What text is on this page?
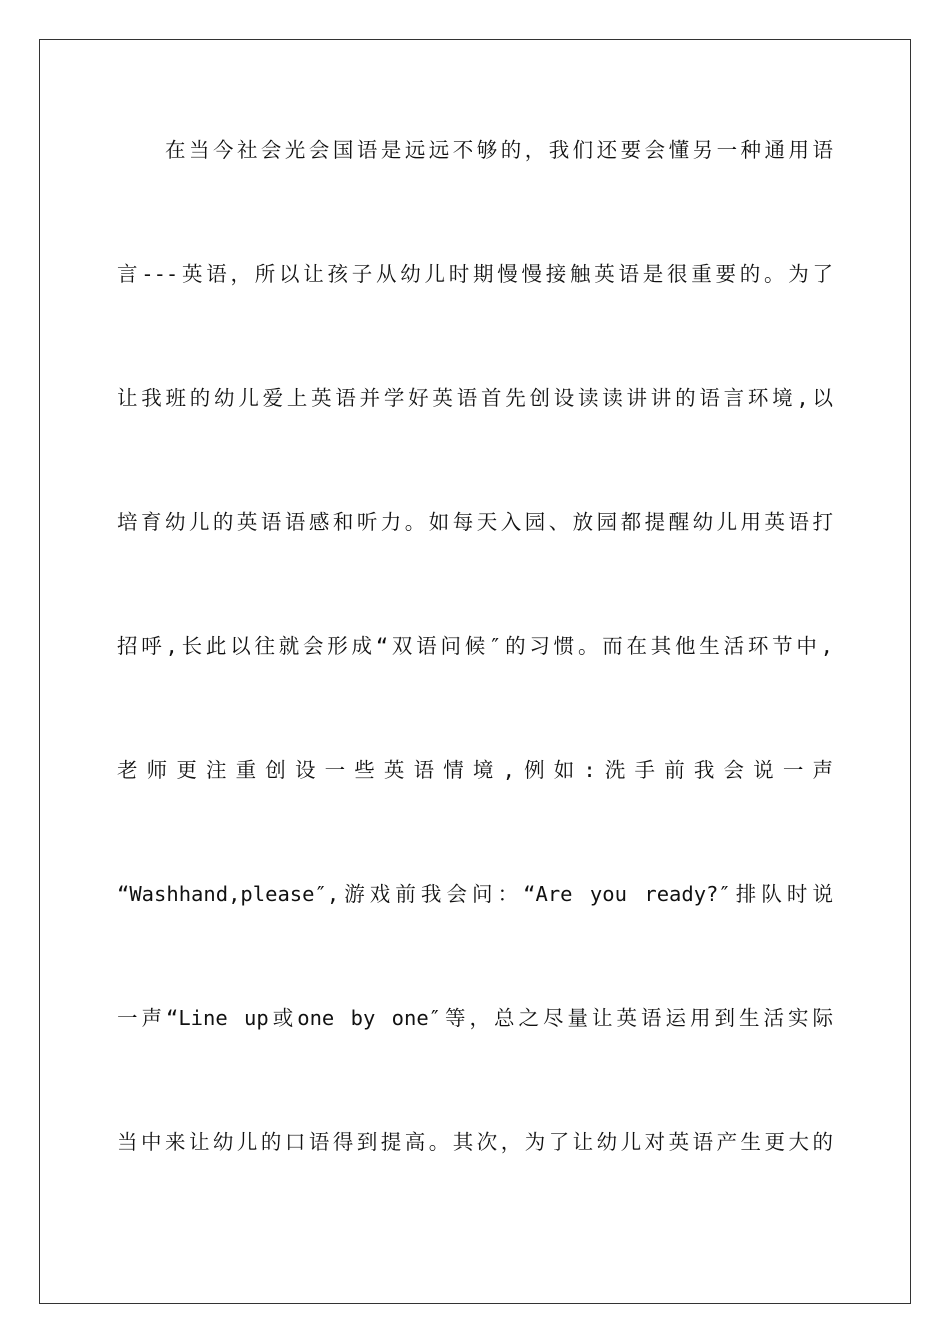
在当今社会光会国语是远远不够的，我们还要会懂另一种通用语
言---英语，所以让孩子从幼儿时期慢慢接触英语是很重要的。为了
让我班的幼儿爱上英语并学好英语首先创设读读讲讲的语言环境,以
培育幼儿的英语语感和听力。如每天入园、放园都提醒幼儿用英语打
招呼,长此以往就会形成“双语问候″的习惯。而在其他生活环节中,
老师更注重创设一些英语情境,例如:洗手前我会说一声
“Washhand,please″,游戏前我会问：“Are you ready?″排队时说
一声“Line up或one by one″等，总之尽量让英语运用到生活实际
当中来让幼儿的口语得到提高。其次，为了让幼儿对英语产生更大的
